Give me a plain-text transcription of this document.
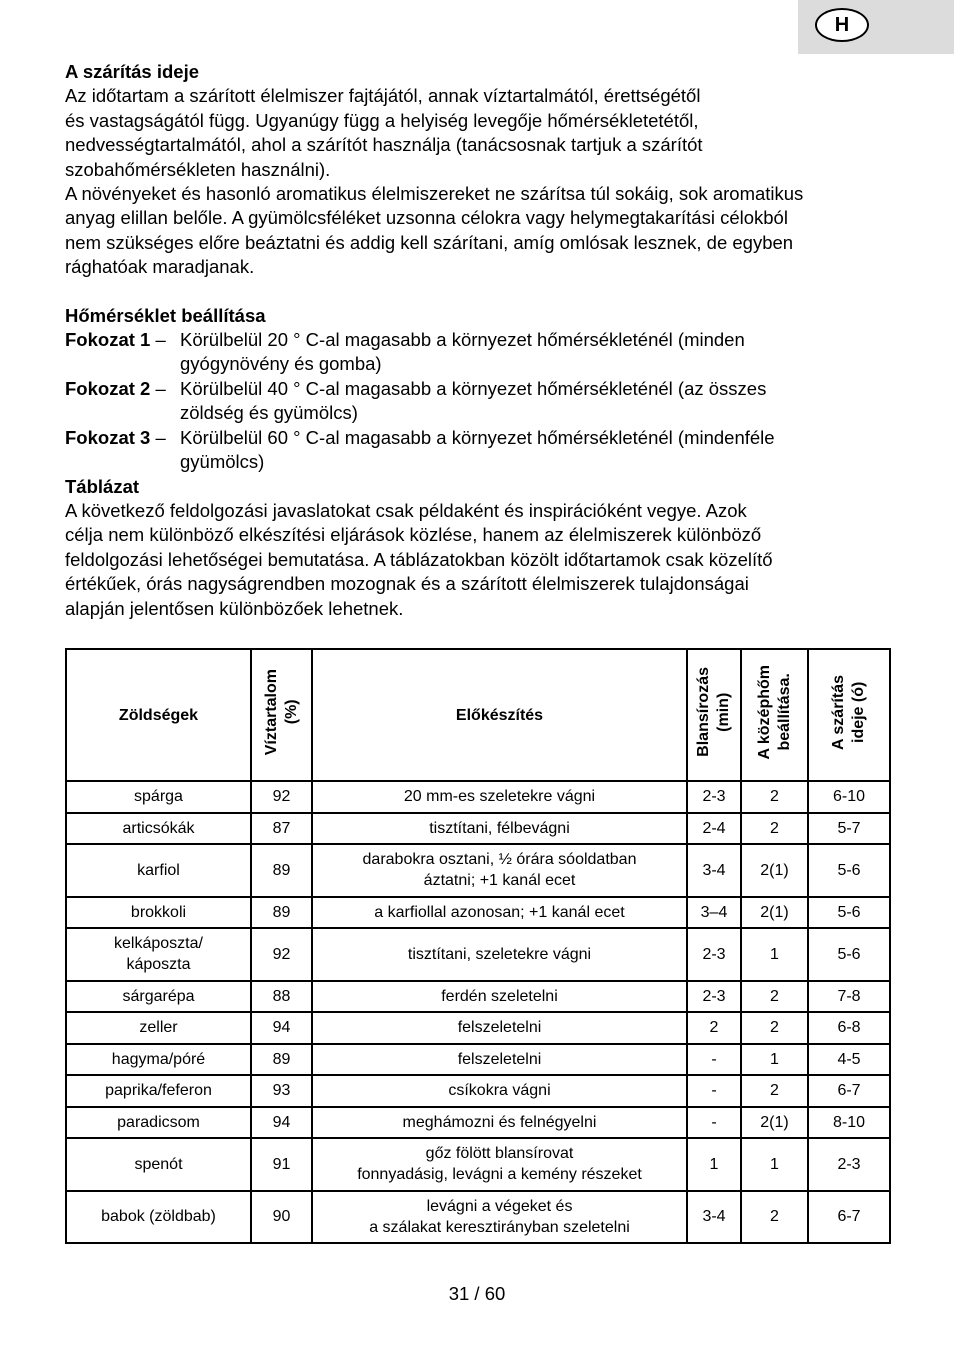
H

A szárítás ideje

Az időtartam a szárított élelmiszer fajtájától, annak víztartalmától, érettségétől

és vastagságától függ. Ugyanúgy függ a helyiség levegője hőmérsékletetétől,

nedvességtartalmától, ahol a szárítót használja (tanácsosnak tartjuk a szárítót

szobahőmérsékleten használni).

A növényeket és hasonló aromatikus élelmiszereket ne szárítsa túl sokáig, sok aromatikus

anyag elillan belőle. A gyümölcsféléket uzsonna célokra vagy helymegtakarítási célokból

nem szükséges előre beáztatni és addig kell szárítani, amíg omlósak lesznek, de egyben

rághatóak maradjanak.

Hőmérséklet beállítása

Fokozat 1 – Körülbelül 20 ° C-al magasabb a környezet hőmérsékleténél (minden

gyógynövény és gomba)

Fokozat 2 – Körülbelül 40 ° C-al magasabb a környezet hőmérsékleténél (az összes

zöldség és gyümölcs)

Fokozat 3 – Körülbelül 60 ° C-al magasabb a környezet hőmérsékleténél (mindenféle

gyümölcs)

Táblázat

A következő feldolgozási javaslatokat csak példaként és inspirációként vegye. Azok

célja nem különböző elkészítési eljárások közlése, hanem az élelmiszerek különböző

feldolgozási lehetőségei bemutatása. A táblázatokban közölt időtartamok csak közelítő

értékűek, órás nagyságrendben mozognak és a szárított élelmiszerek tulajdonságai

alapján jelentősen különbözőek lehetnek.

Zöldségek	Víztartalom
(%)	Előkészítés	Blansírozás
(min)	A középhőm
beállítása.	A szárítás
ideje (ó)

spárga	92	20 mm-es szeletekre vágni	2-3	2	6-10

articsókák	87	tisztítani, félbevágni	2-4	2	5-7

karfiol	89	darabokra osztani, ½ órára sóoldatban
áztatni; +1 kanál ecet	3-4	2(1)	5-6

brokkoli	89	a karfiollal azonosan; +1 kanál ecet	3–4	2(1)	5-6

kelkáposzta/
káposzta	92	tisztítani, szeletekre vágni	2-3	1	5-6

sárgarépa	88	ferdén szeletelni	2-3	2	7-8

zeller	94	felszeletelni	2	2	6-8

hagyma/póré	89	felszeletelni	-	1	4-5

paprika/feferon	93	csíkokra vágni	-	2	6-7

paradicsom	94	meghámozni és felnégyelni	-	2(1)	8-10

spenót	91	gőz fölött blansírovat
fonnyadásig, levágni a kemény részeket	1	1	2-3

babok (zöldbab)	90	levágni a végeket és
a szálakat keresztirányban szeletelni	3-4	2	6-7
31 / 60
